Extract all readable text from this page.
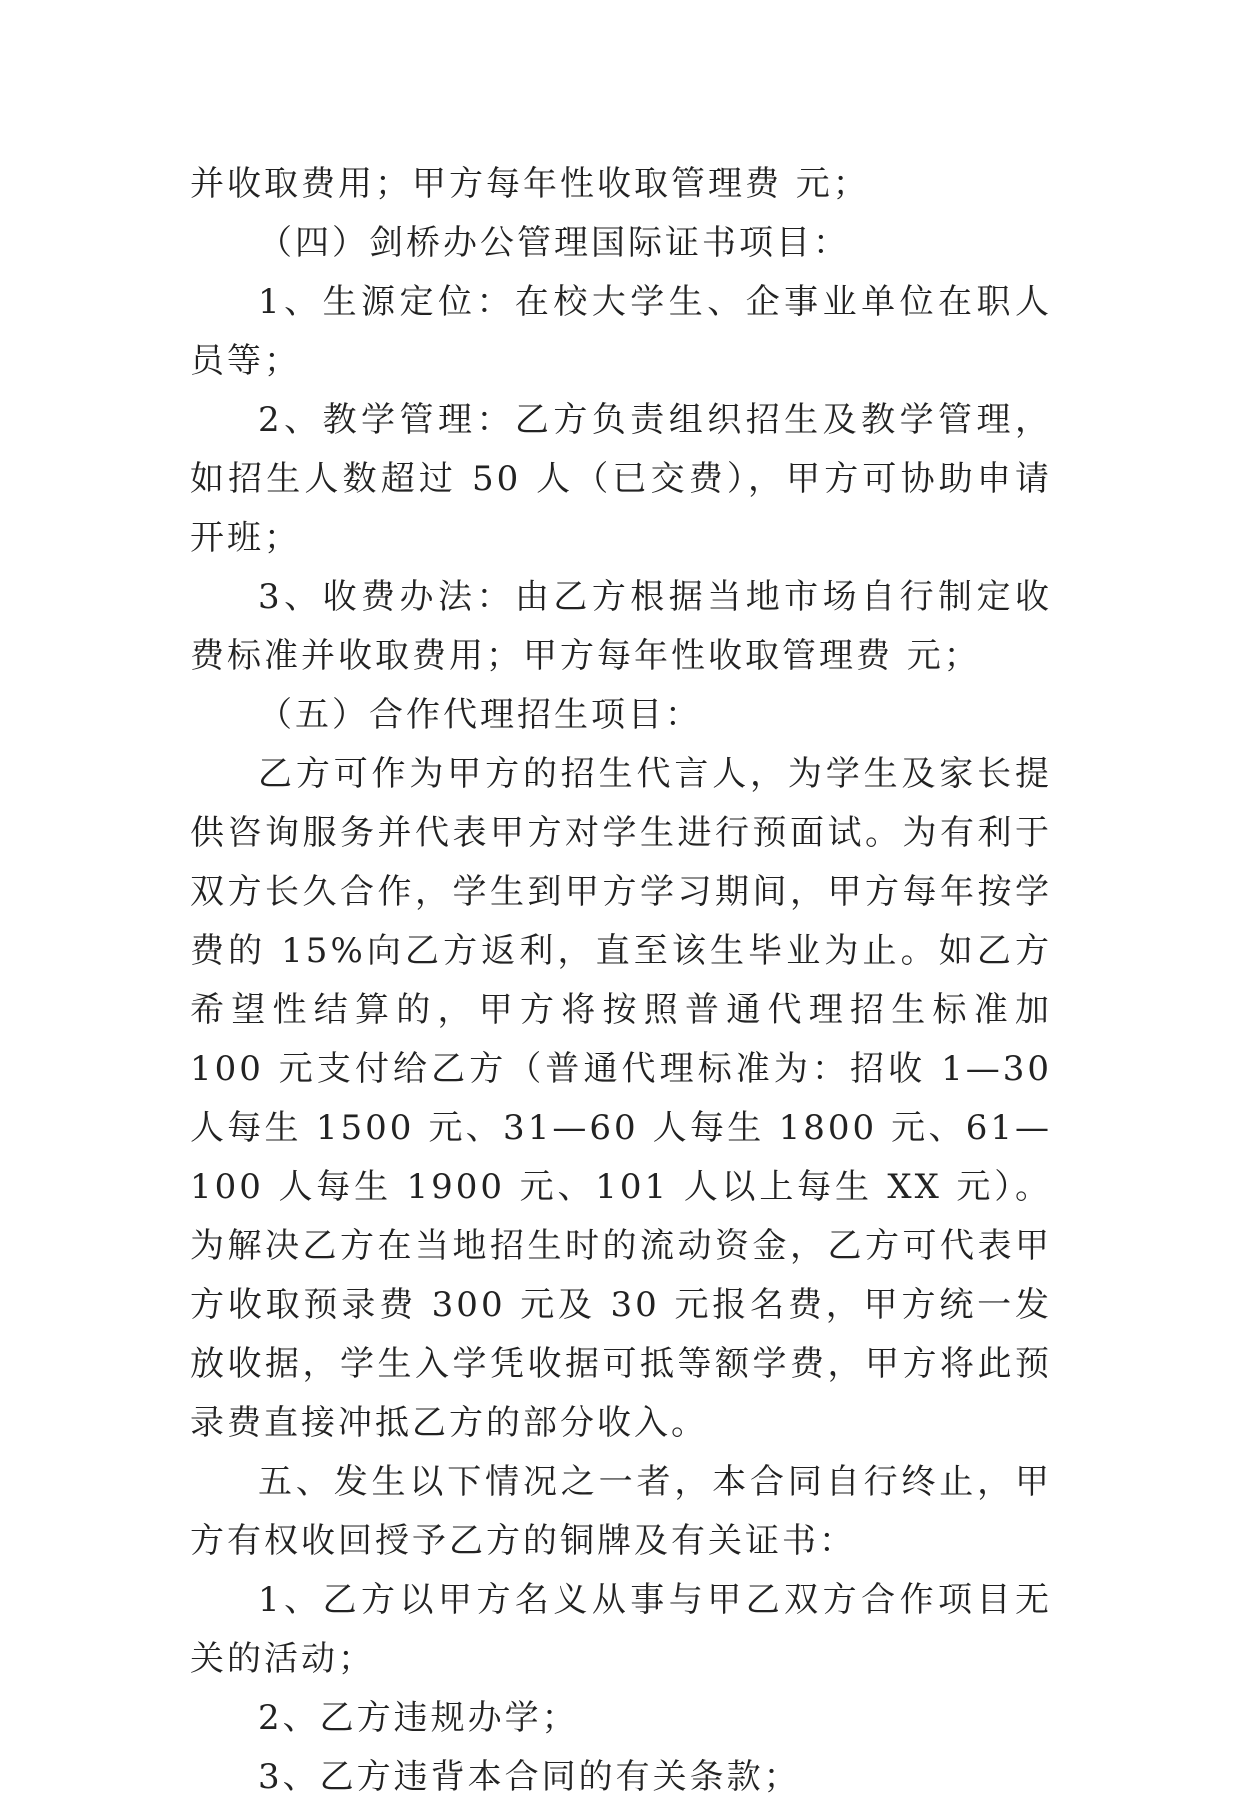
并收取费用；甲方每年性收取管理费 元；

（四）剑桥办公管理国际证书项目：

1、生源定位：在校大学生、企事业单位在职人员等；

2、教学管理：乙方负责组织招生及教学管理，如招生人数超过 50 人（已交费），甲方可协助申请开班；

3、收费办法：由乙方根据当地市场自行制定收费标准并收取费用；甲方每年性收取管理费 元；

（五）合作代理招生项目：

乙方可作为甲方的招生代言人，为学生及家长提供咨询服务并代表甲方对学生进行预面试。为有利于双方长久合作，学生到甲方学习期间，甲方每年按学费的 15%向乙方返利，直至该生毕业为止。如乙方希望性结算的，甲方将按照普通代理招生标准加 100 元支付给乙方（普通代理标准为：招收 1—30 人每生 1500 元、31—60 人每生 1800 元、61—100 人每生 1900 元、101 人以上每生 XX 元）。为解决乙方在当地招生时的流动资金，乙方可代表甲方收取预录费 300 元及 30 元报名费，甲方统一发放收据，学生入学凭收据可抵等额学费，甲方将此预录费直接冲抵乙方的部分收入。

五、发生以下情况之一者，本合同自行终止，甲方有权收回授予乙方的铜牌及有关证书：

1、乙方以甲方名义从事与甲乙双方合作项目无关的活动；

2、乙方违规办学；

3、乙方违背本合同的有关条款；
